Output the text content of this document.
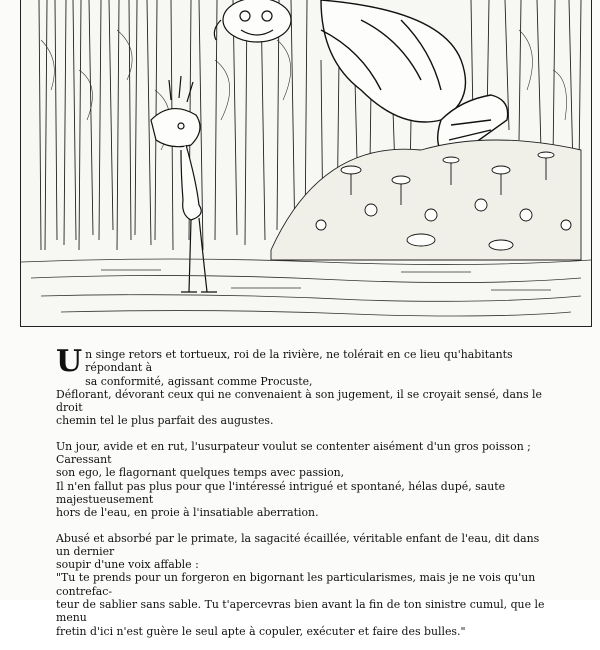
U n singe retors et tortueux, roi de la rivière, ne tolérait en ce lieu qu'habitants répondant à
sa conformité, agissant comme Procuste,
Déflorant, dévorant ceux qui ne convenaient à son jugement, il se croyait sensé, dans le droit
chemin tel le plus parfait des augustes.

Un jour, avide et en rut, l'usurpateur voulut se contenter aisément d'un gros poisson ; Caressant
son ego, le flagornant quelques temps avec passion,
Il n'en fallut pas plus pour que l'intéressé intrigué et spontané, hélas dupé, saute majestueusement
hors de l'eau, en proie à l'insatiable aberration.

Abusé et absorbé par le primate, la sagacité écaillée, véritable enfant de l'eau, dit dans un dernier
soupir d'une voix affable :
"Tu te prends pour un forgeron en bigornant les particularismes, mais je ne vois qu'un contrefac-
teur de sablier sans sable. Tu t'apercevras bien avant la fin de ton sinistre cumul, que le menu
fretin d'ici n'est guère le seul apte à copuler, exécuter et faire des bulles."
